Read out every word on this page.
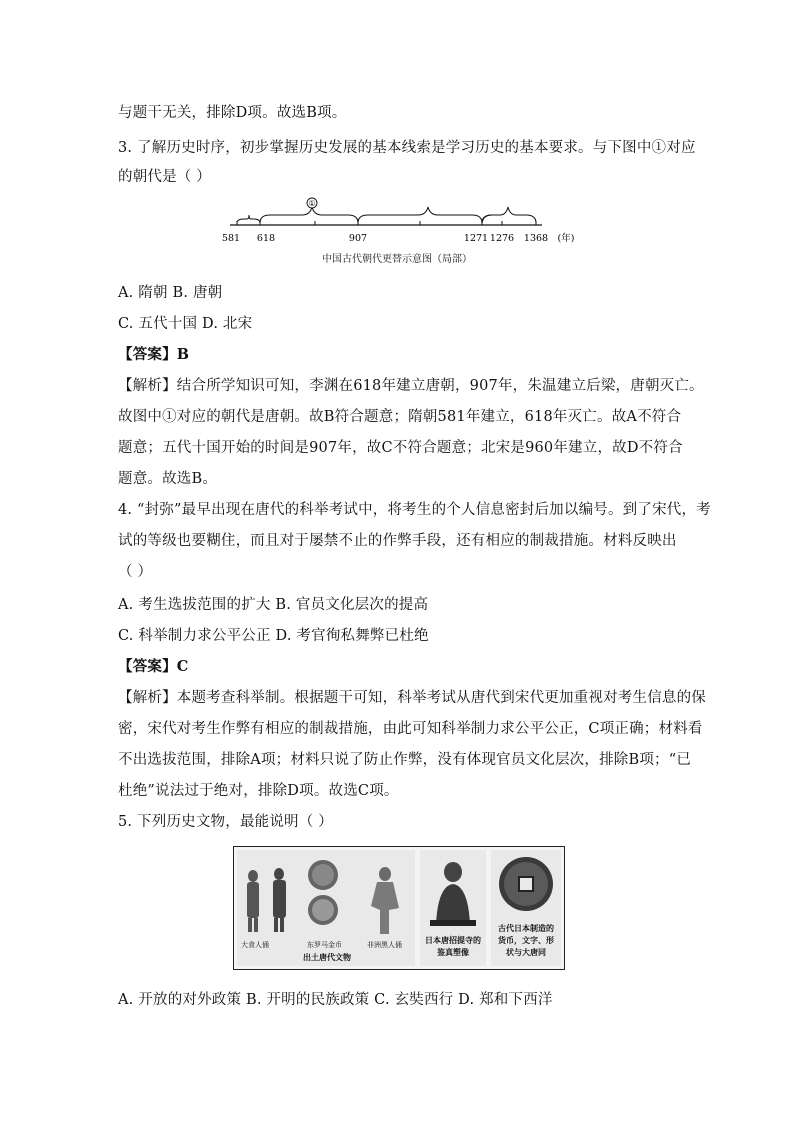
与题干无关，排除D项。故选B项。
3. 了解历史时序，初步掌握历史发展的基本线索是学习历史的基本要求。与下图中①对应
的朝代是（ ）
①
581 618	907	1271 1276 1368 (年)
中国古代朝代更替示意图（局部）
A. 隋朝 B. 唐朝
C. 五代十国 D. 北宋
【答案】B
【解析】结合所学知识可知，李渊在618年建立唐朝，907年，朱温建立后梁，唐朝灭亡。
故图中①对应的朝代是唐朝。故B符合题意；隋朝581年建立，618年灭亡。故A不符合
题意；五代十国开始的时间是907年，故C不符合题意；北宋是960年建立，故D不符合
题意。故选B。
4. “封弥”最早出现在唐代的科举考试中，将考生的个人信息密封后加以编号。到了宋代，考
试的等级也要糊住，而且对于屡禁不止的作弊手段，还有相应的制裁措施。材料反映出
（ ）
A. 考生选拔范围的扩大 B. 官员文化层次的提高
C. 科举制力求公平公正 D. 考官徇私舞弊已杜绝
【答案】C
【解析】本题考查科举制。根据题干可知，科举考试从唐代到宋代更加重视对考生信息的保
密，宋代对考生作弊有相应的制裁措施，由此可知科举制力求公平公正，C项正确；材料看
不出选拔范围，排除A项；材料只说了防止作弊，没有体现官员文化层次，排除B项；“已
杜绝”说法过于绝对，排除D项。故选C项。
5. 下列历史文物，最能说明（ ）
大食人俑	东罗马金币	非洲黑人俑
出土唐代文物
日本唐招提寺的鉴真塑像
古代日本制造的货币，文字、形状与大唐同
A. 开放的对外政策 B. 开明的民族政策 C. 玄奘西行 D. 郑和下西洋
